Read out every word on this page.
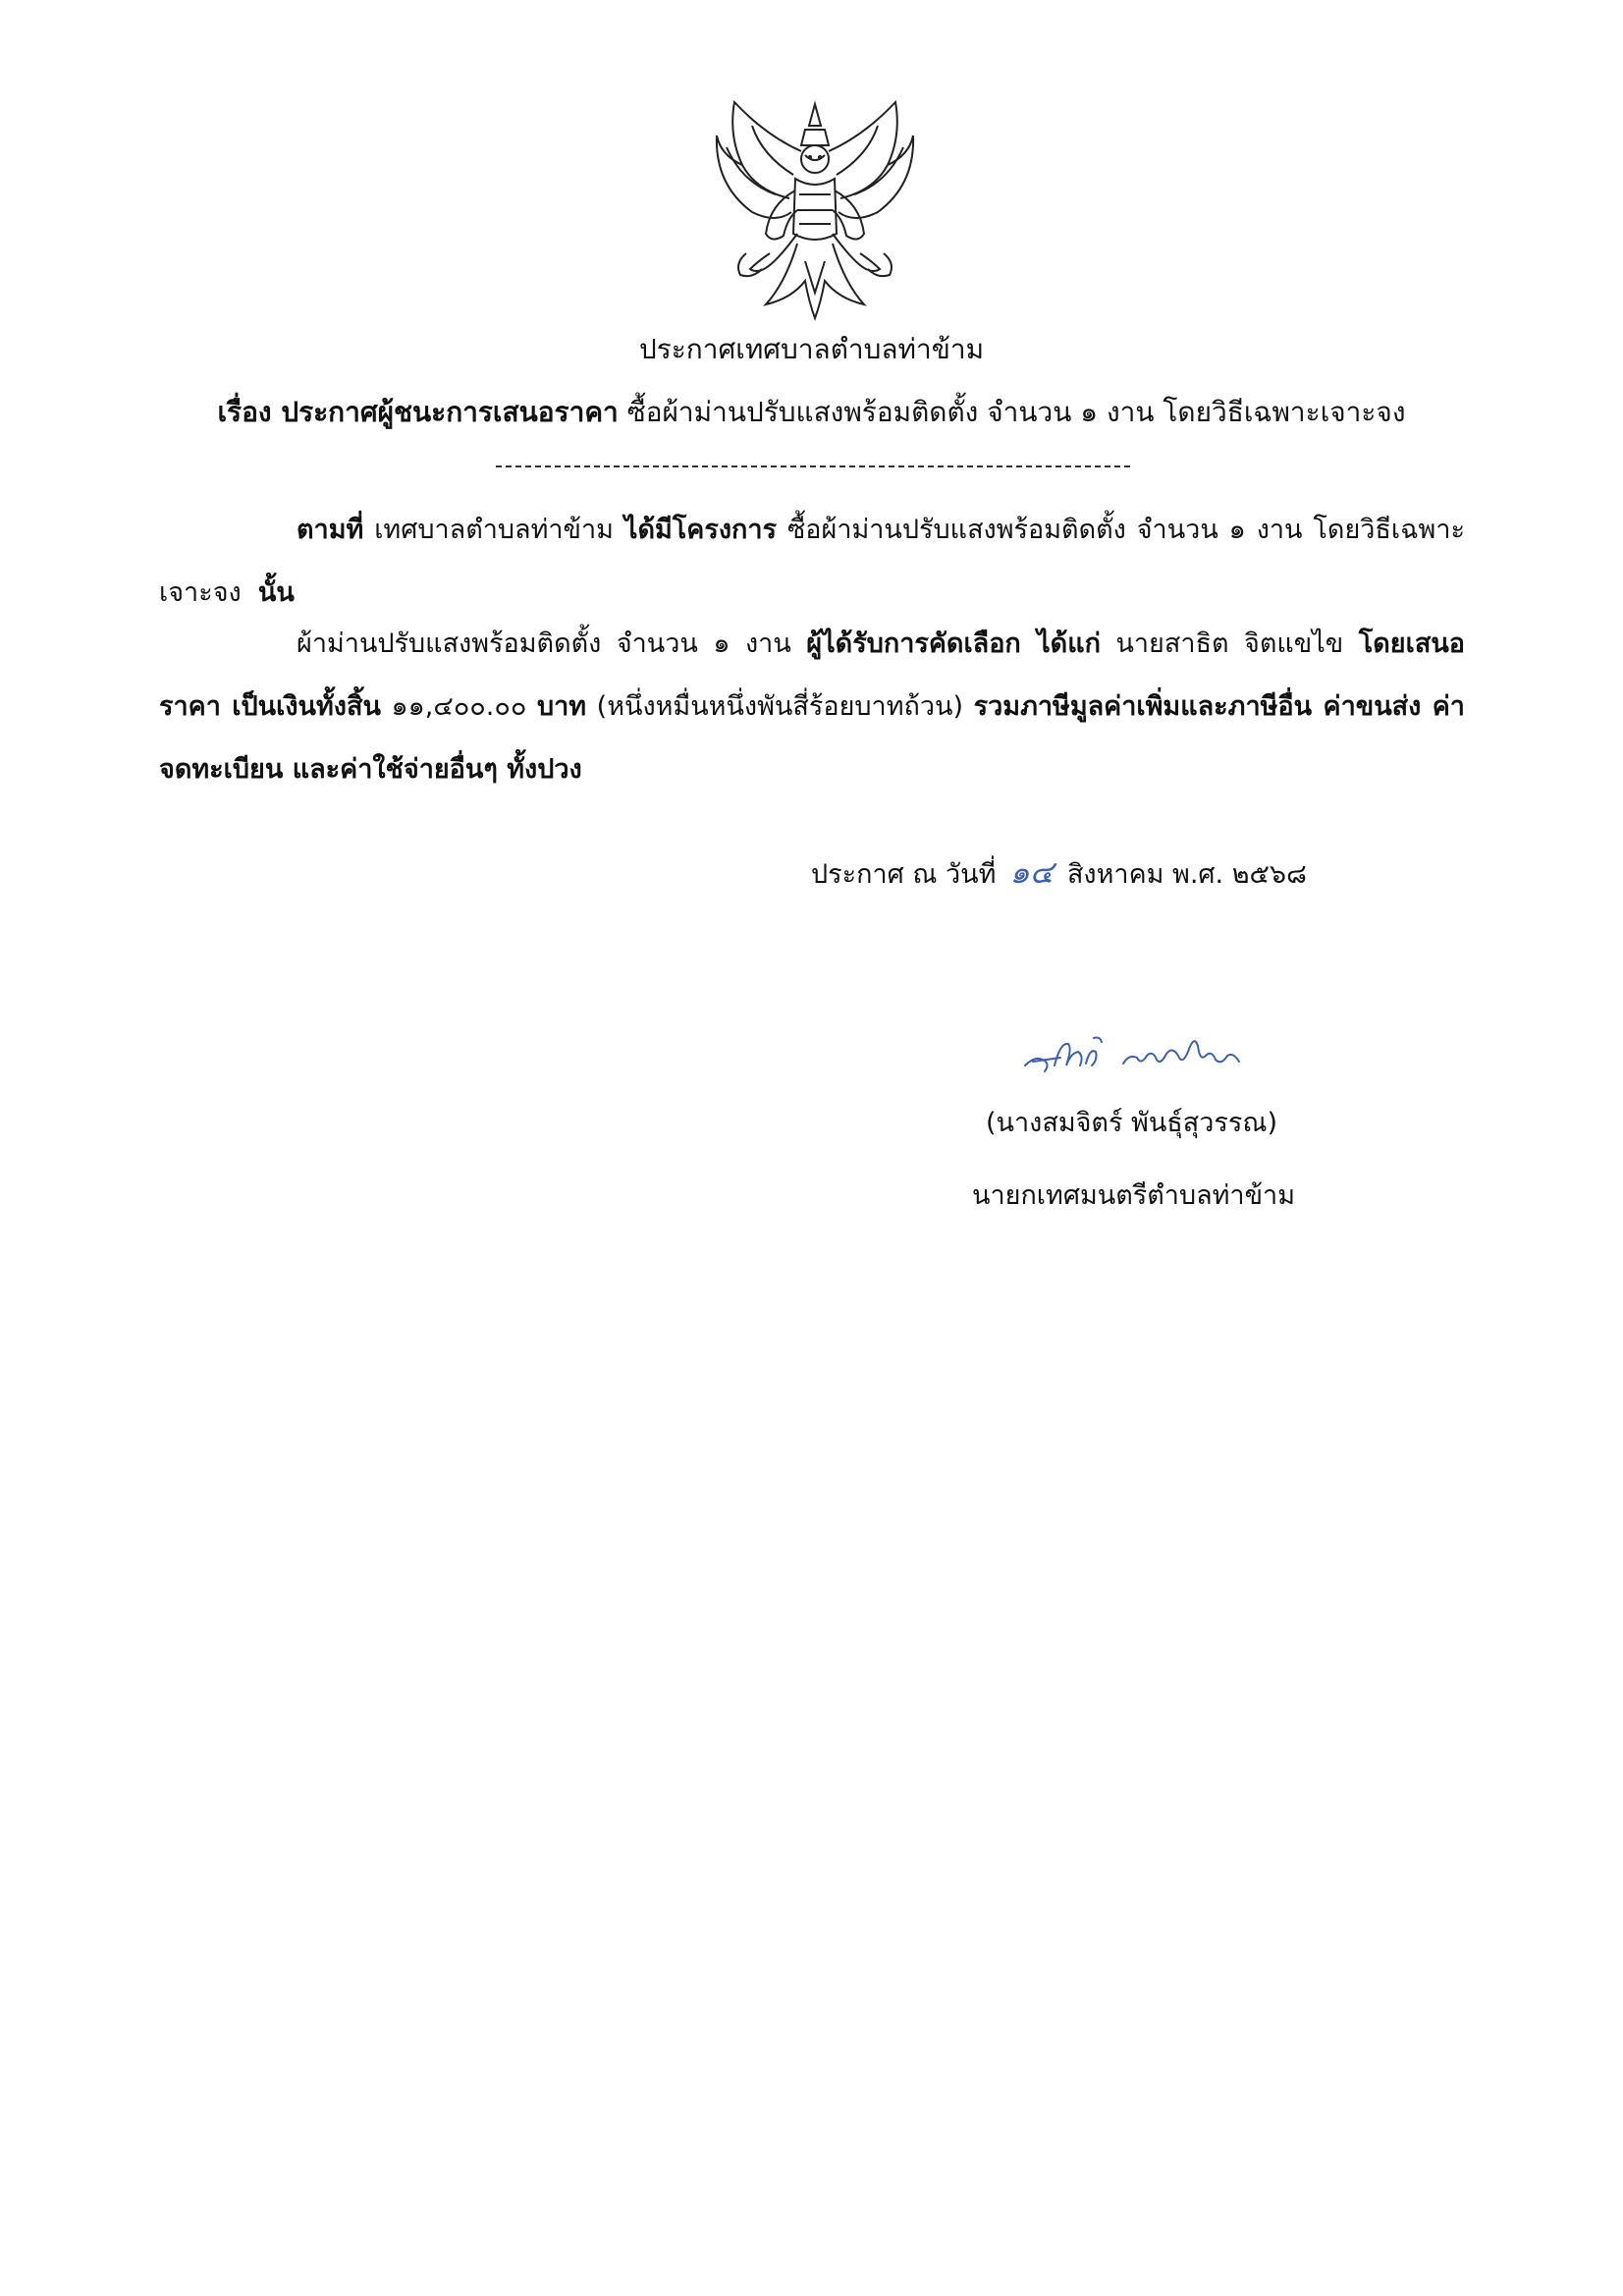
ประกาศเทศบาลตำบลท่าข้าม
เรื่อง ประกาศผู้ชนะการเสนอราคา ซื้อผ้าม่านปรับแสงพร้อมติดตั้ง จำนวน ๑ งาน โดยวิธีเฉพาะเจาะจง
ตามที่ เทศบาลตำบลท่าข้าม ได้มีโครงการ ซื้อผ้าม่านปรับแสงพร้อมติดตั้ง จำนวน ๑ งาน โดยวิธีเฉพาะเจาะจง นั้น
ผ้าม่านปรับแสงพร้อมติดตั้ง จำนวน ๑ งาน ผู้ได้รับการคัดเลือก ได้แก่ นายสาธิต จิตแขไข โดยเสนอราคา เป็นเงินทั้งสิ้น ๑๑,๔๐๐.๐๐ บาท (หนึ่งหมื่นหนึ่งพันสี่ร้อยบาทถ้วน) รวมภาษีมูลค่าเพิ่มและภาษีอื่น ค่าขนส่ง ค่าจดทะเบียน และค่าใช้จ่ายอื่นๆ ทั้งปวง
ประกาศ ณ วันที่ ๑๔ สิงหาคม พ.ศ. ๒๕๖๘
(นางสมจิตร์ พันธุ์สุวรรณ)
นายกเทศมนตรีตำบลท่าข้าม
